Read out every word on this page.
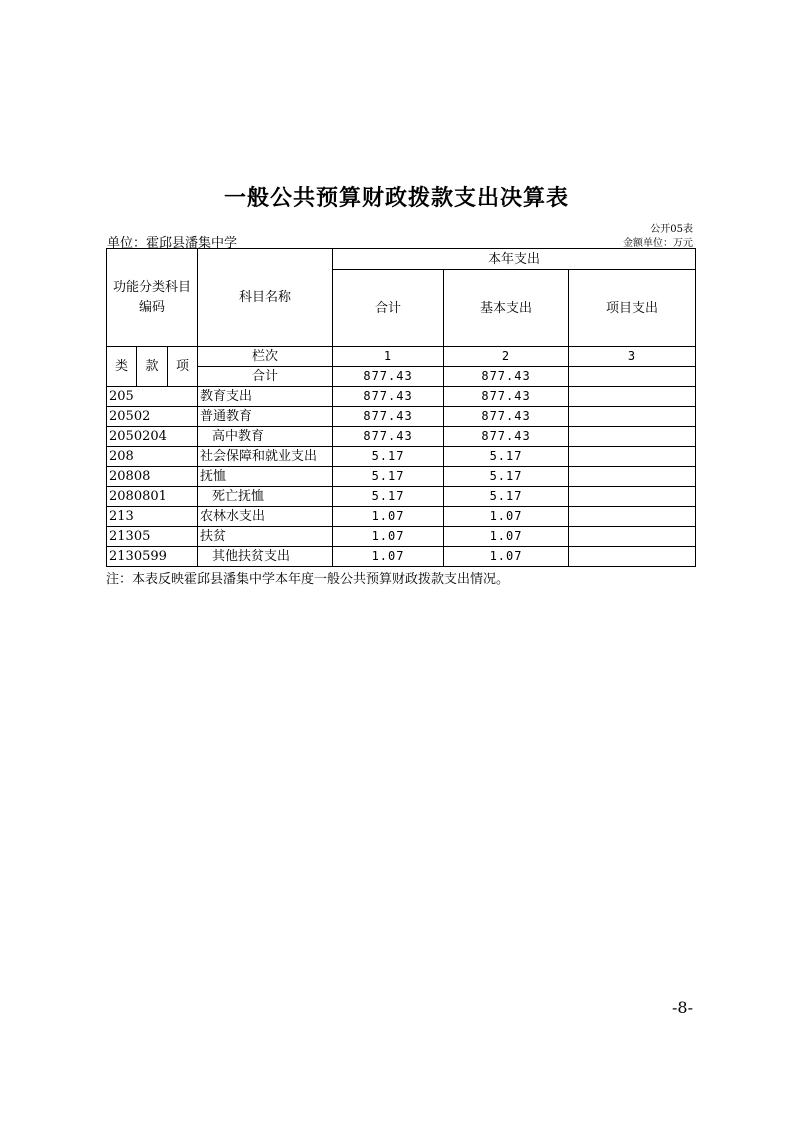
一般公共预算财政拨款支出决算表
公开05表
单位：霍邱县潘集中学	金额单位：万元
功能分类科目编码			科目名称	本年支出		
				合计	基本支出	项目支出
类	款	项	栏次	1	2	3
			合计	877.43	877.43	
205			教育支出	877.43	877.43	
20502			普通教育	877.43	877.43	
2050204			高中教育	877.43	877.43	
208			社会保障和就业支出	5.17	5.17	
20808			抚恤	5.17	5.17	
2080801			死亡抚恤	5.17	5.17	
213			农林水支出	1.07	1.07	
21305			扶贫	1.07	1.07	
2130599			其他扶贫支出	1.07	1.07	
注：本表反映霍邱县潘集中学本年度一般公共预算财政拨款支出情况。
-8-
